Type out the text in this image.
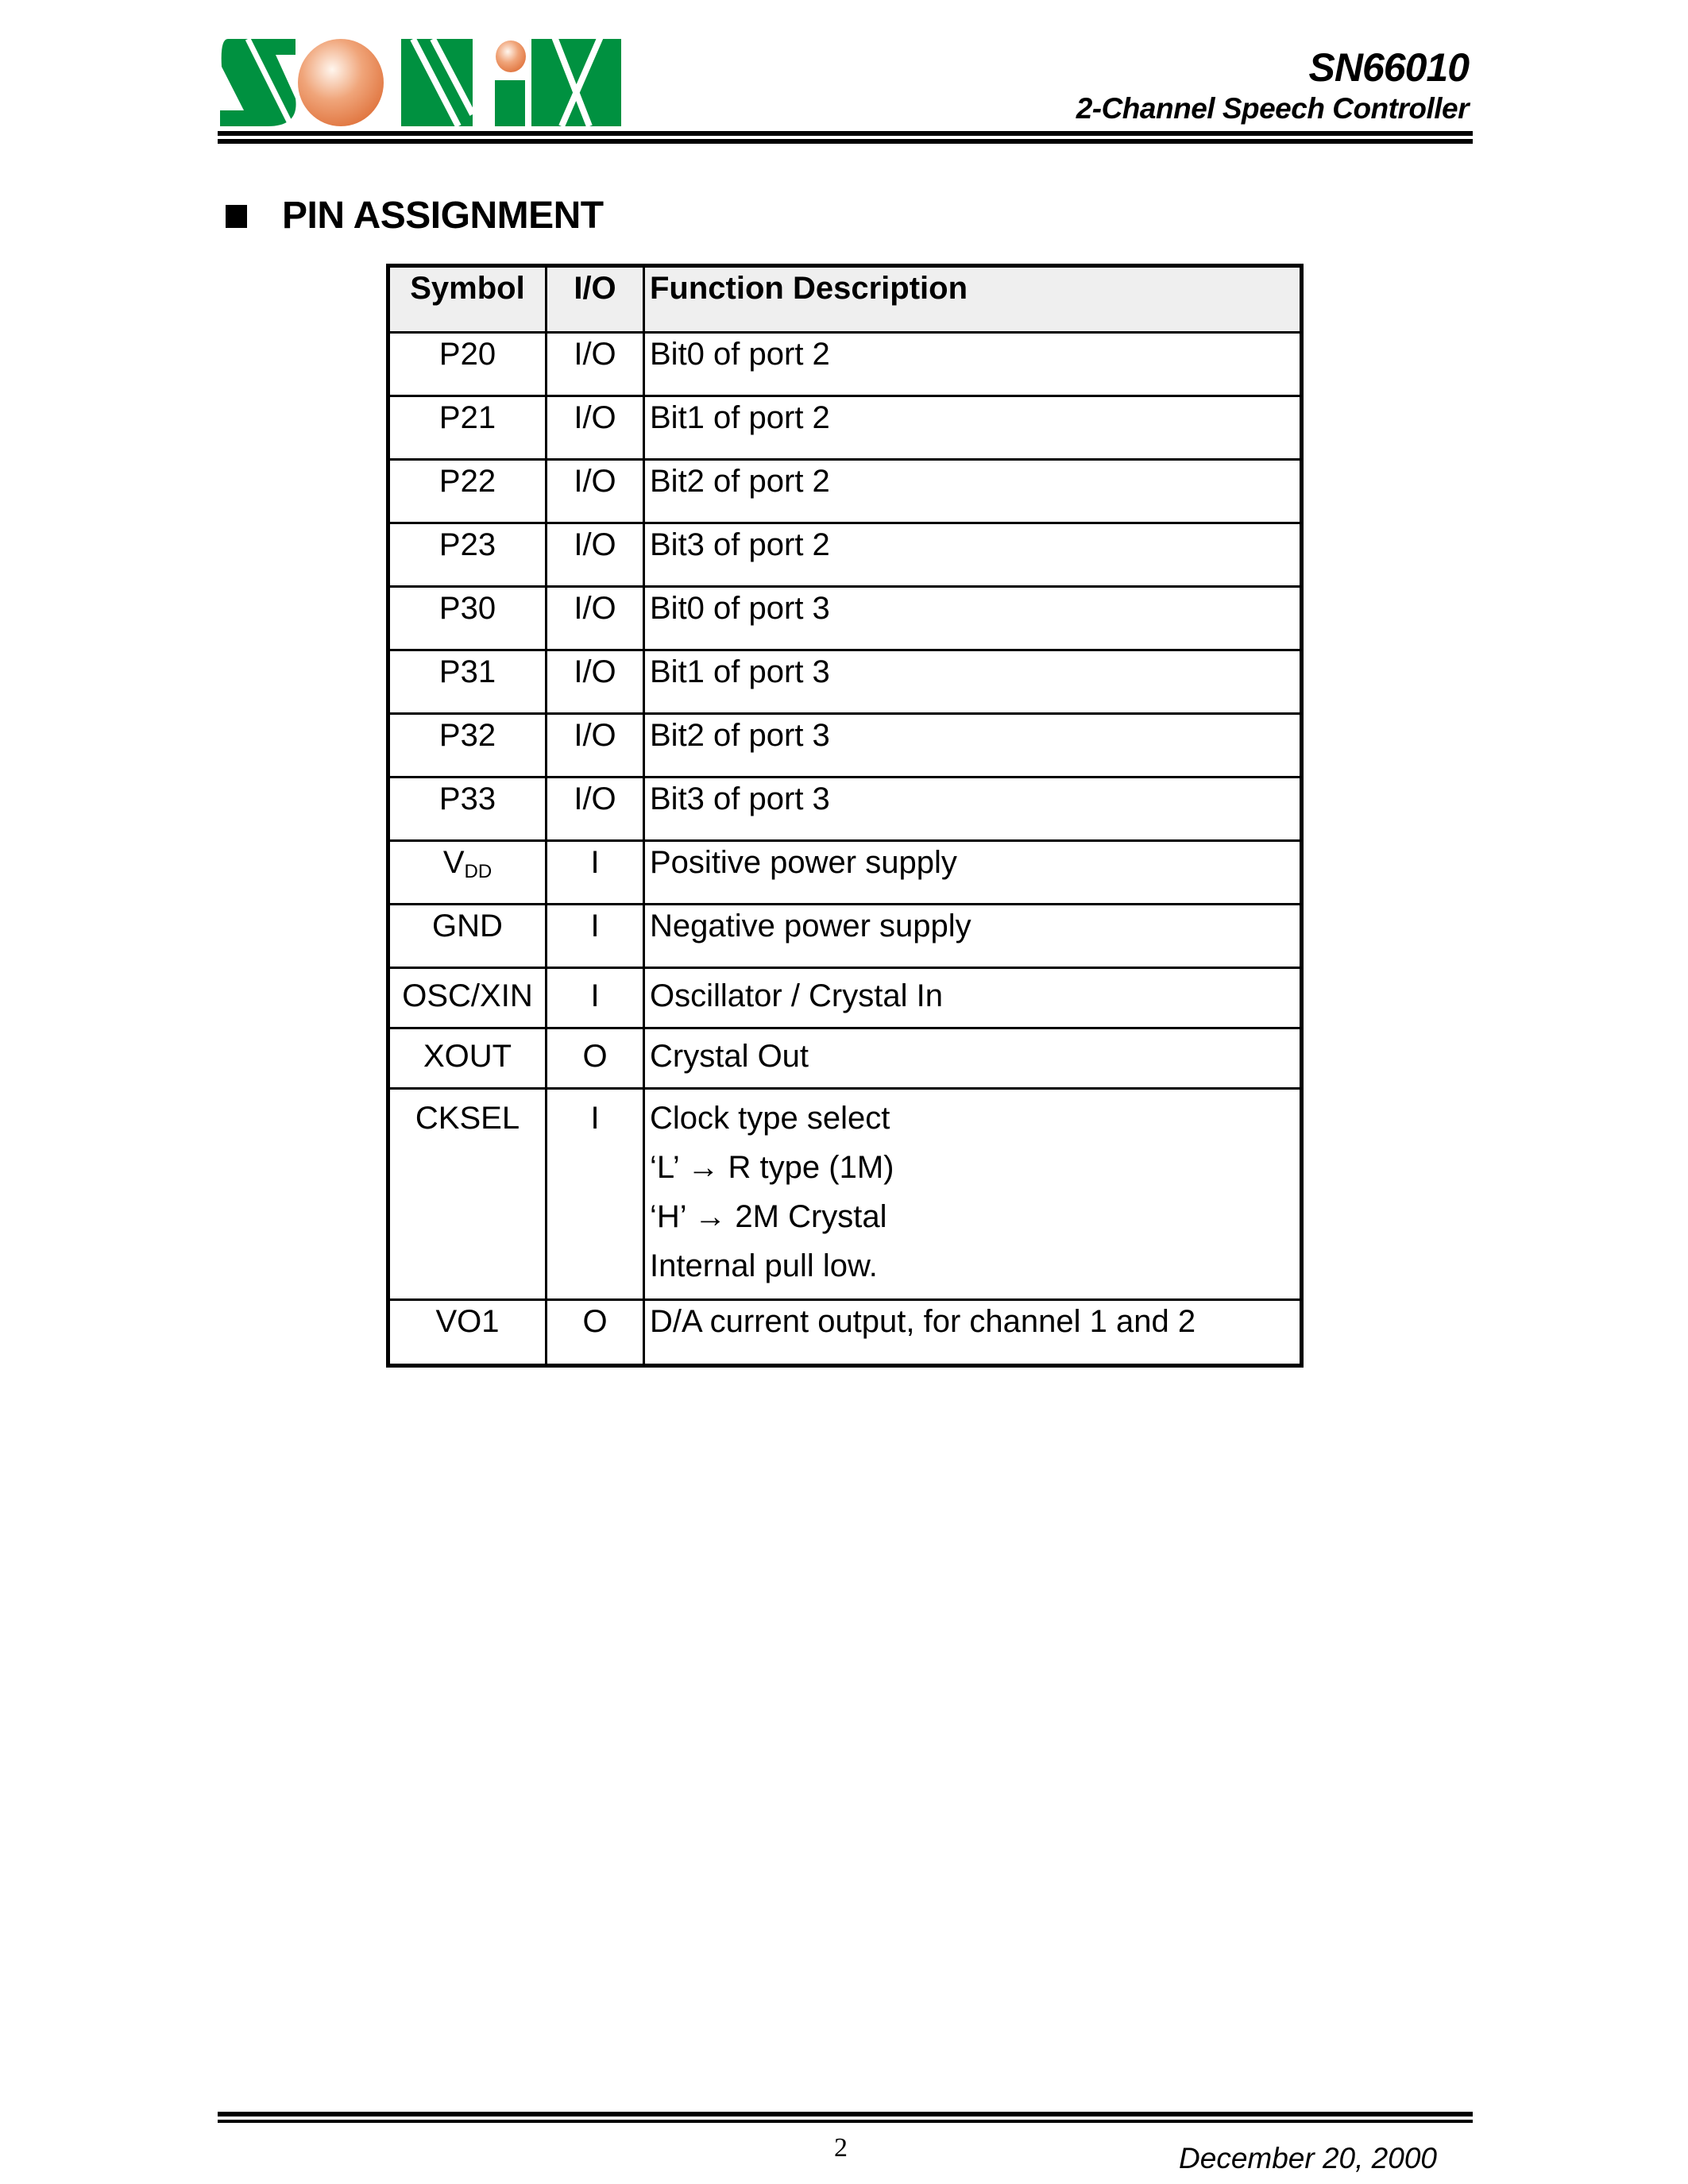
SN66010
2-Channel Speech Controller
PIN ASSIGNMENT
Symbol	I/O	Function Description
P20	I/O	Bit0 of port 2
P21	I/O	Bit1 of port 2
P22	I/O	Bit2 of port 2
P23	I/O	Bit3 of port 2
P30	I/O	Bit0 of port 3
P31	I/O	Bit1 of port 3
P32	I/O	Bit2 of port 3
P33	I/O	Bit3 of port 3
$V_{DD}$	I	Positive power supply
GND	I	Negative power supply
OSC/XIN	I	Oscillator / Crystal In
XOUT	O	Crystal Out
CKSEL	I	Clock type select
‘L’ → R type (1M)
‘H’ → 2M Crystal
Internal pull low.

VO1	O	D/A current output, for channel 1 and 2
2	December 20, 2000
